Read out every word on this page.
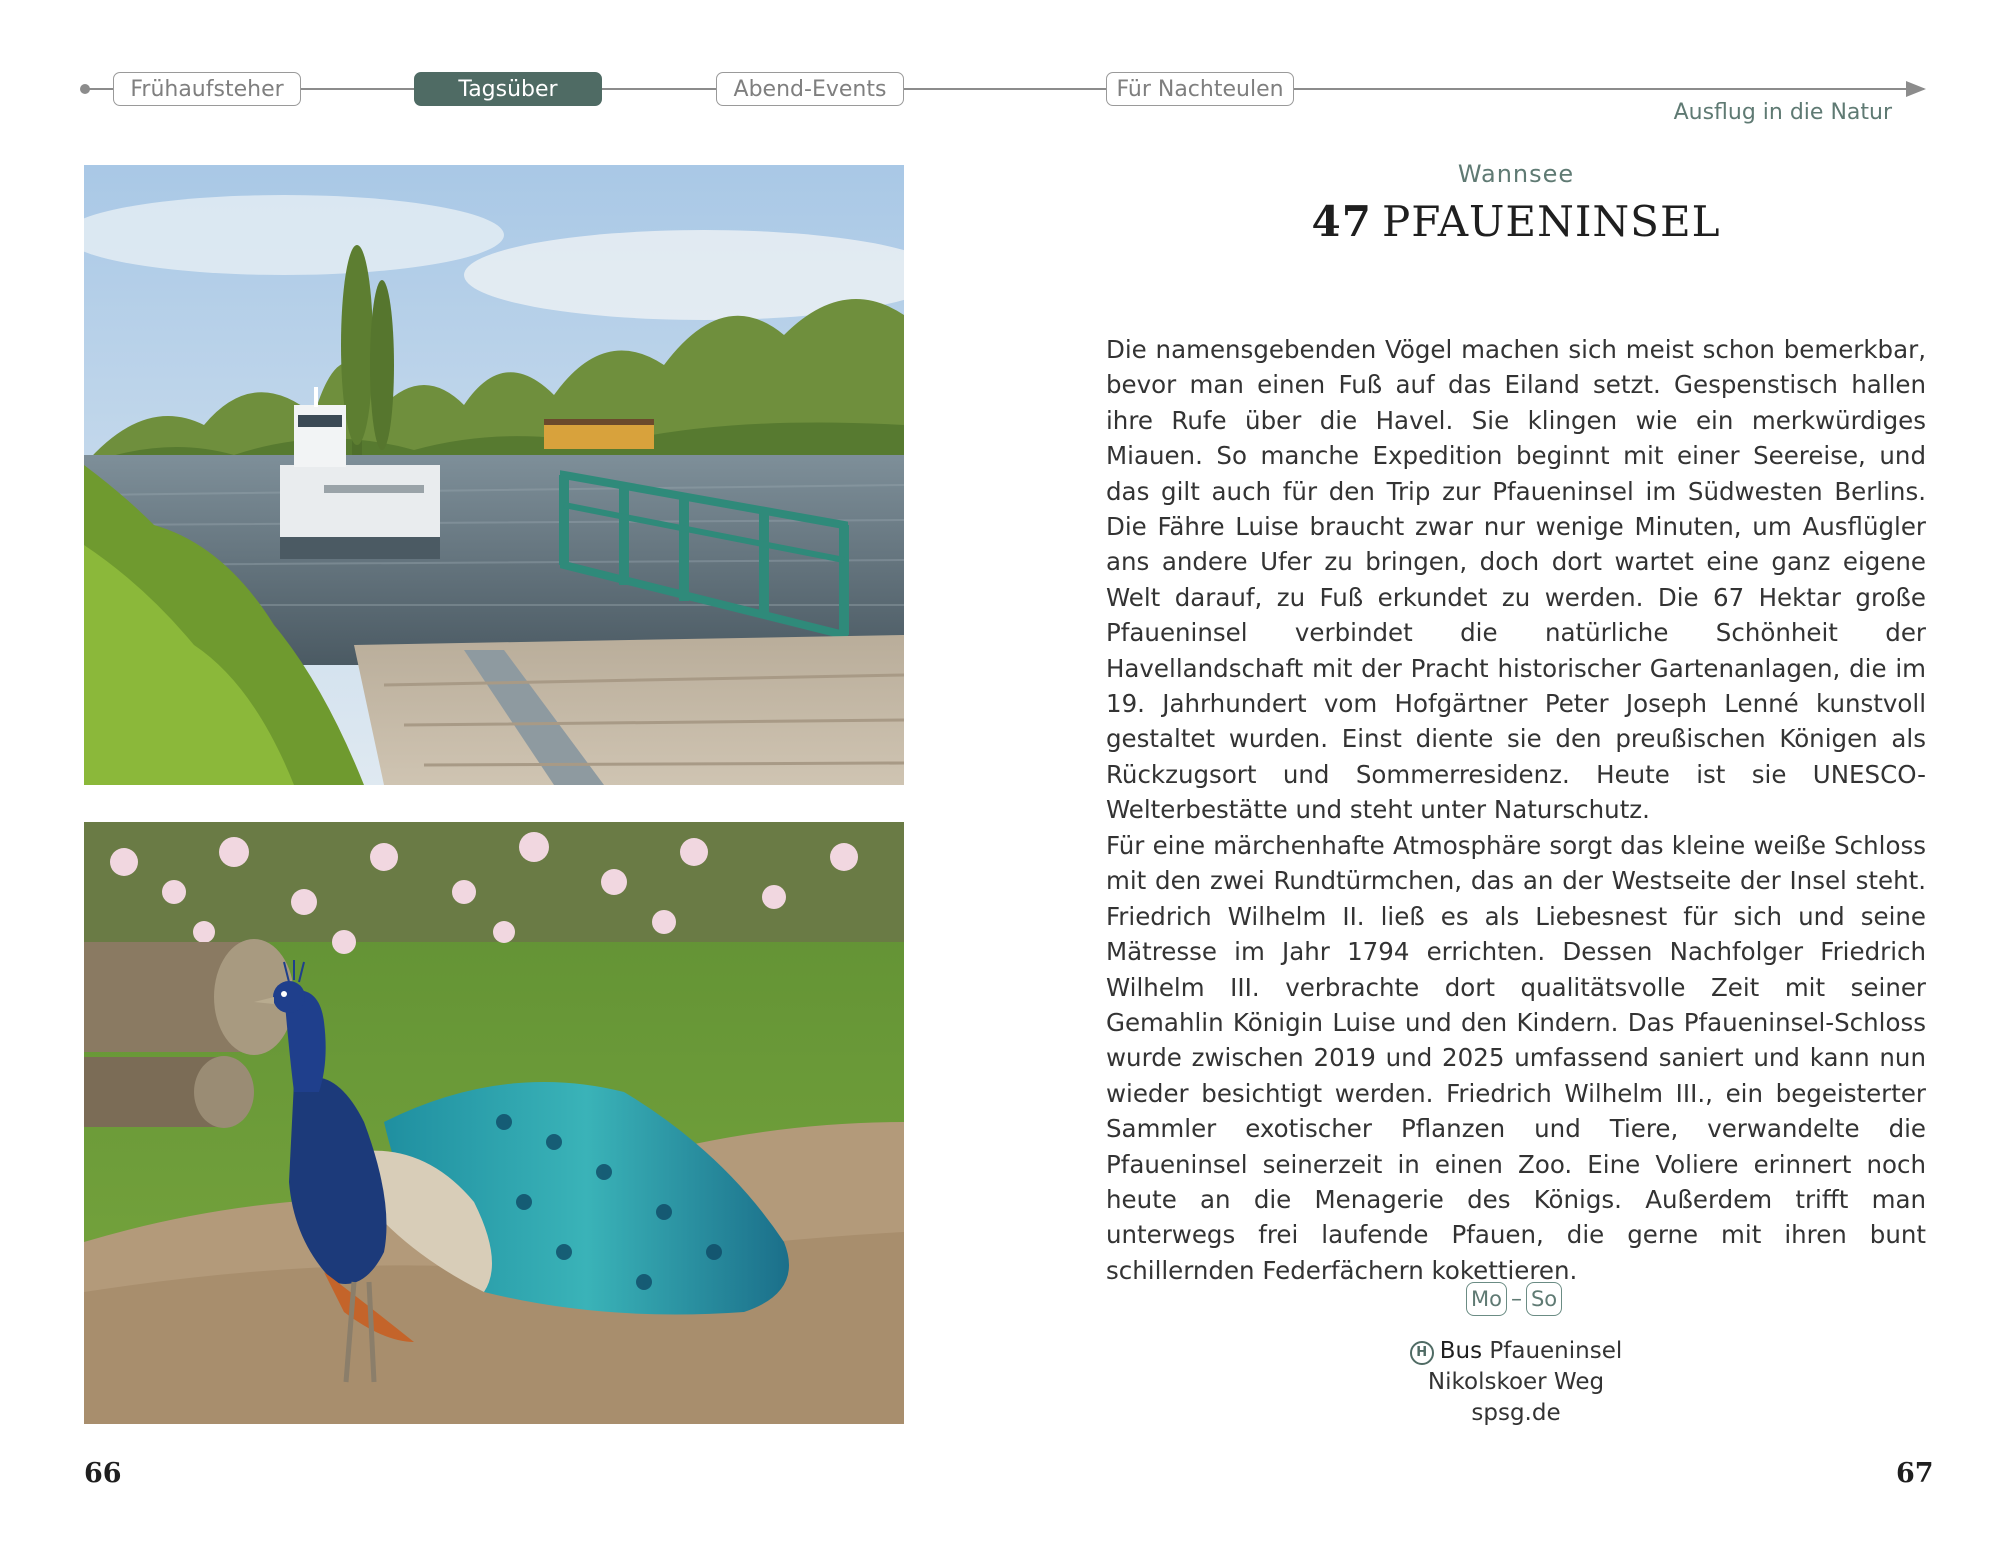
Frühaufsteher	Tagsüber	Abend-Events	Für Nachteulen
Ausflug in die Natur
Wannsee
47 PFAUENINSEL

Die namensgebenden Vögel machen sich meist schon bemerkbar, bevor man einen Fuß auf das Eiland setzt. Gespenstisch hallen ihre Rufe über die Havel. Sie klingen wie ein merkwürdiges Miauen. So manche Expedition beginnt mit einer Seereise, und das gilt auch für den Trip zur Pfaueninsel im Südwesten Berlins. Die Fähre Luise braucht zwar nur wenige Minuten, um Ausflügler ans andere Ufer zu bringen, doch dort wartet eine ganz eigene Welt darauf, zu Fuß erkundet zu werden. Die 67 Hektar große Pfaueninsel verbindet die natürliche Schönheit der Havellandschaft mit der Pracht historischer Gartenanlagen, die im 19. Jahrhundert vom Hofgärtner Peter Joseph Lenné kunstvoll gestaltet wurden. Einst diente sie den preußischen Königen als Rückzugsort und Sommerresidenz. Heute ist sie UNESCO-Welterbestätte und steht unter Naturschutz.

Für eine märchenhafte Atmosphäre sorgt das kleine weiße Schloss mit den zwei Rundtürmchen, das an der Westseite der Insel steht. Friedrich Wilhelm II. ließ es als Liebesnest für sich und seine Mätresse im Jahr 1794 errichten. Dessen Nachfolger Friedrich Wilhelm III. verbrachte dort qualitätsvolle Zeit mit seiner Gemahlin Königin Luise und den Kindern. Das Pfaueninsel-Schloss wurde zwischen 2019 und 2025 umfassend saniert und kann nun wieder besichtigt werden. Friedrich Wilhelm III., ein begeisterter Sammler exotischer Pflanzen und Tiere, verwandelte die Pfaueninsel seinerzeit in einen Zoo. Eine Voliere erinnert noch heute an die Menagerie des Königs. Außerdem trifft man unterwegs frei laufende Pfauen, die gerne mit ihren bunt schillernden Federfächern kokettieren.

Mo – So
H Bus Pfaueninsel
Nikolskoer Weg
spsg.de
66	67
